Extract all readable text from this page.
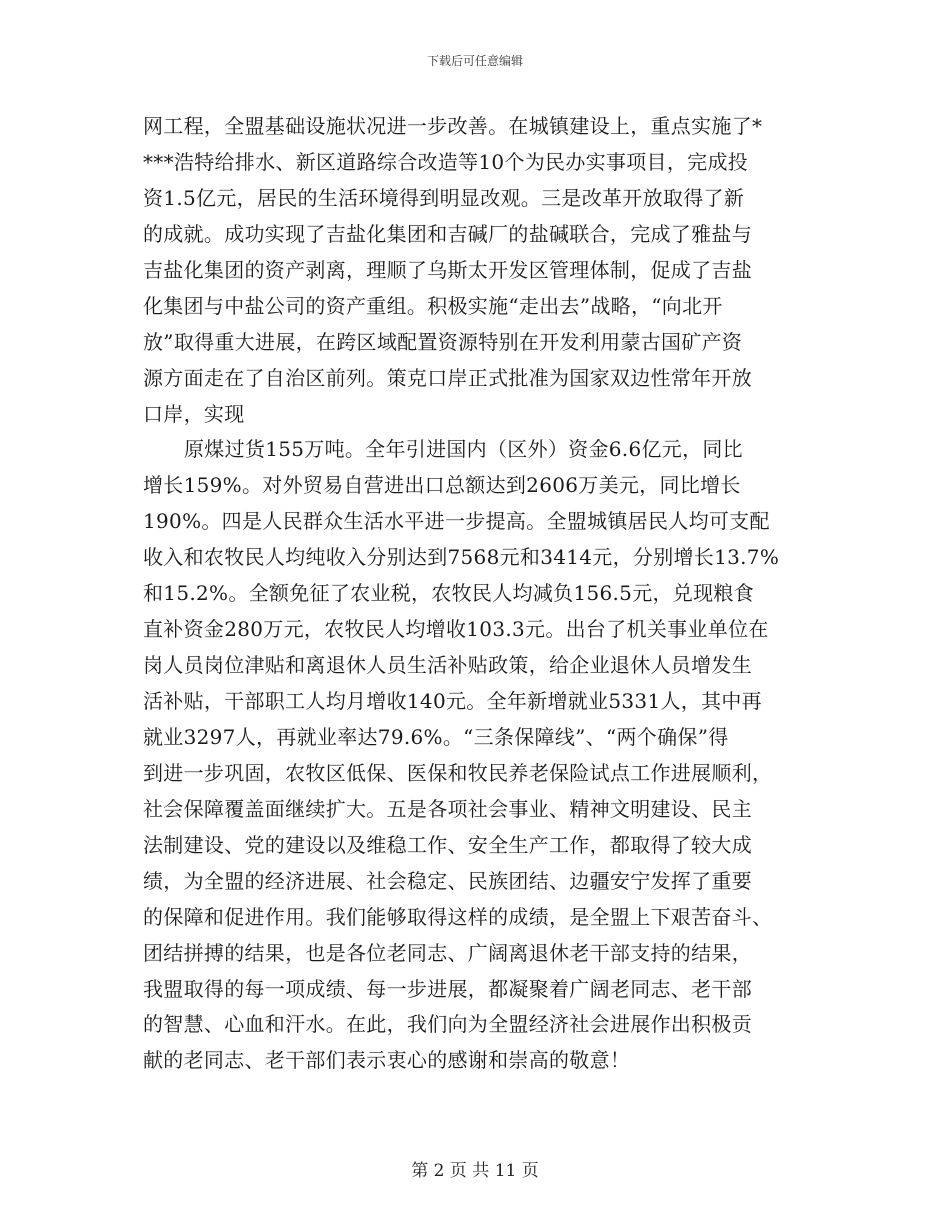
下载后可任意编辑
网工程，全盟基础设施状况进一步改善。在城镇建设上，重点实施了*
***浩特给排水、新区道路综合改造等10个为民办实事项目，完成投
资1.5亿元，居民的生活环境得到明显改观。三是改革开放取得了新
的成就。成功实现了吉盐化集团和吉碱厂的盐碱联合，完成了雅盐与
吉盐化集团的资产剥离，理顺了乌斯太开发区管理体制，促成了吉盐
化集团与中盐公司的资产重组。积极实施“走出去”战略，“向北开
放”取得重大进展，在跨区域配置资源特别在开发利用蒙古国矿产资
源方面走在了自治区前列。策克口岸正式批准为国家双边性常年开放
口岸，实现
原煤过货155万吨。全年引进国内（区外）资金6.6亿元，同比
增长159%。对外贸易自营进出口总额达到2606万美元，同比增长
190%。四是人民群众生活水平进一步提高。全盟城镇居民人均可支配
收入和农牧民人均纯收入分别达到7568元和3414元，分别增长13.7%
和15.2%。全额免征了农业税，农牧民人均减负156.5元，兑现粮食
直补资金280万元，农牧民人均增收103.3元。出台了机关事业单位在
岗人员岗位津贴和离退休人员生活补贴政策，给企业退休人员增发生
活补贴，干部职工人均月增收140元。全年新增就业5331人，其中再
就业3297人，再就业率达79.6%。“三条保障线”、“两个确保”得
到进一步巩固，农牧区低保、医保和牧民养老保险试点工作进展顺利，
社会保障覆盖面继续扩大。五是各项社会事业、精神文明建设、民主
法制建设、党的建设以及维稳工作、安全生产工作，都取得了较大成
绩，为全盟的经济进展、社会稳定、民族团结、边疆安宁发挥了重要
的保障和促进作用。我们能够取得这样的成绩，是全盟上下艰苦奋斗、
团结拼搏的结果，也是各位老同志、广阔离退休老干部支持的结果，
我盟取得的每一项成绩、每一步进展，都凝聚着广阔老同志、老干部
的智慧、心血和汗水。在此，我们向为全盟经济社会进展作出积极贡
献的老同志、老干部们表示衷心的感谢和崇高的敬意！
第 2 页 共 11 页
